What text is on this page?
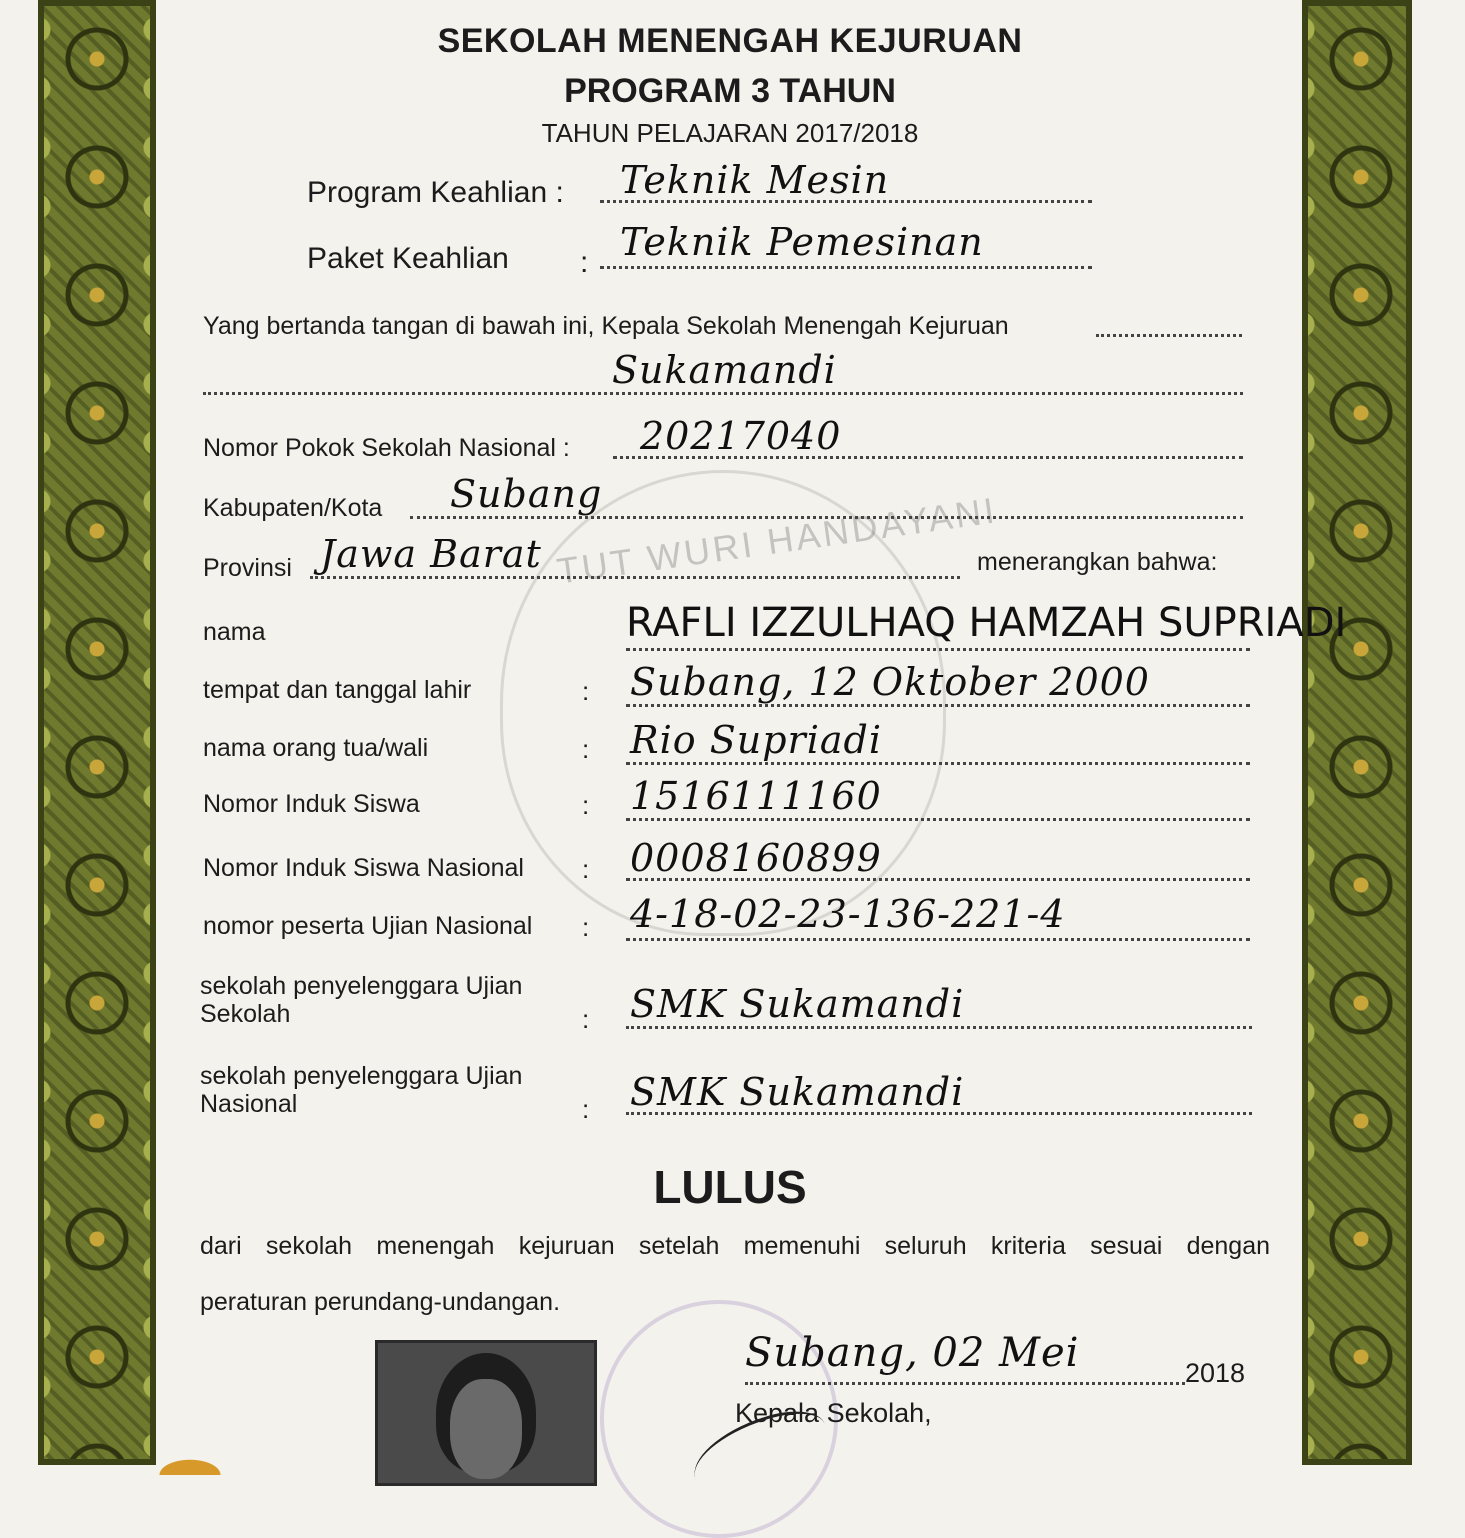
TUT WURI HANDAYANI
SEKOLAH MENENGAH KEJURUAN
PROGRAM 3 TAHUN
TAHUN PELAJARAN 2017/2018
Program Keahlian : Teknik Mesin
Paket Keahlian : Teknik Pemesinan
Yang bertanda tangan di bawah ini, Kepala Sekolah Menengah Kejuruan
Sukamandi
Nomor Pokok Sekolah Nasional : 20217040
Kabupaten/Kota Subang
Provinsi Jawa Barat	menerangkan bahwa:
nama	RAFLI IZZULHAQ HAMZAH SUPRIADI
tempat dan tanggal lahir	: Subang, 12 Oktober 2000
nama orang tua/wali	: Rio Supriadi
Nomor Induk Siswa	: 1516111160
Nomor Induk Siswa Nasional : 0008160899
nomor peserta Ujian Nasional : 4-18-02-23-136-221-4
sekolah penyelenggara Ujian
Sekolah	: SMK Sukamandi
sekolah penyelenggara Ujian
Nasional	: SMK Sukamandi
LULUS
dari sekolah menengah kejuruan setelah memenuhi seluruh kriteria sesuai dengan
peraturan perundang-undangan.
Subang, 02 Mei	2018
Kepala Sekolah,
